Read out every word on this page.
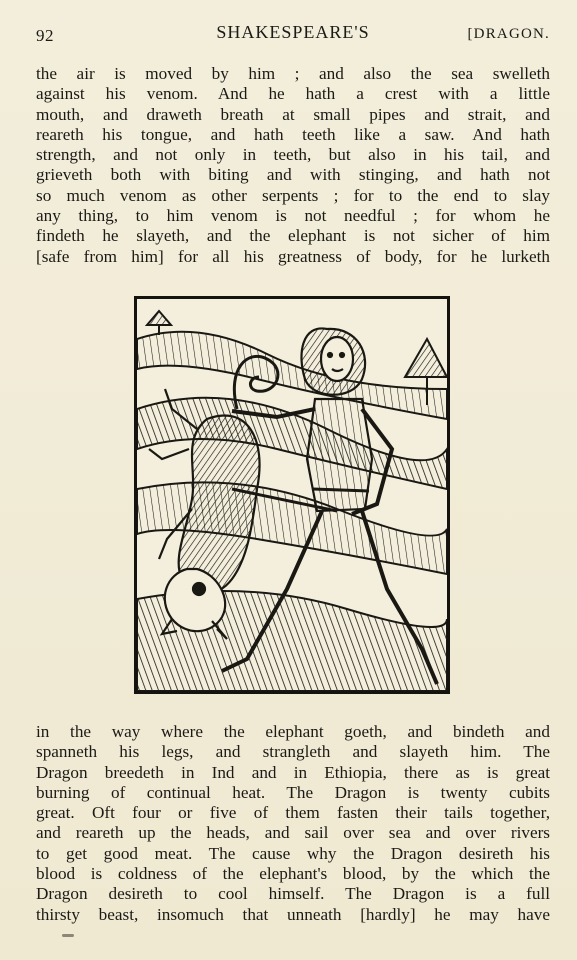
92	SHAKESPEARE'S	[DRAGON.

the air is moved by him ; and also the sea swelleth
against his venom. And he hath a crest with a little
mouth, and draweth breath at small pipes and strait, and
reareth his tongue, and hath teeth like a saw. And hath
strength, and not only in teeth, but also in his tail, and
grieveth both with biting and with stinging, and hath not
so much venom as other serpents ; for to the end to slay
any thing, to him venom is not needful ; for whom he
findeth he slayeth, and the elephant is not sicher of him
[safe from him] for all his greatness of body, for he lurketh

in the way where the elephant goeth, and bindeth and
spanneth his legs, and strangleth and slayeth him. The
Dragon breedeth in Ind and in Ethiopia, there as is great
burning of continual heat. The Dragon is twenty cubits
great. Oft four or five of them fasten their tails together,
and reareth up the heads, and sail over sea and over rivers
to get good meat. The cause why the Dragon desireth his
blood is coldness of the elephant's blood, by the which the
Dragon desireth to cool himself. The Dragon is a full
thirsty beast, insomuch that unneath [hardly] he may have
